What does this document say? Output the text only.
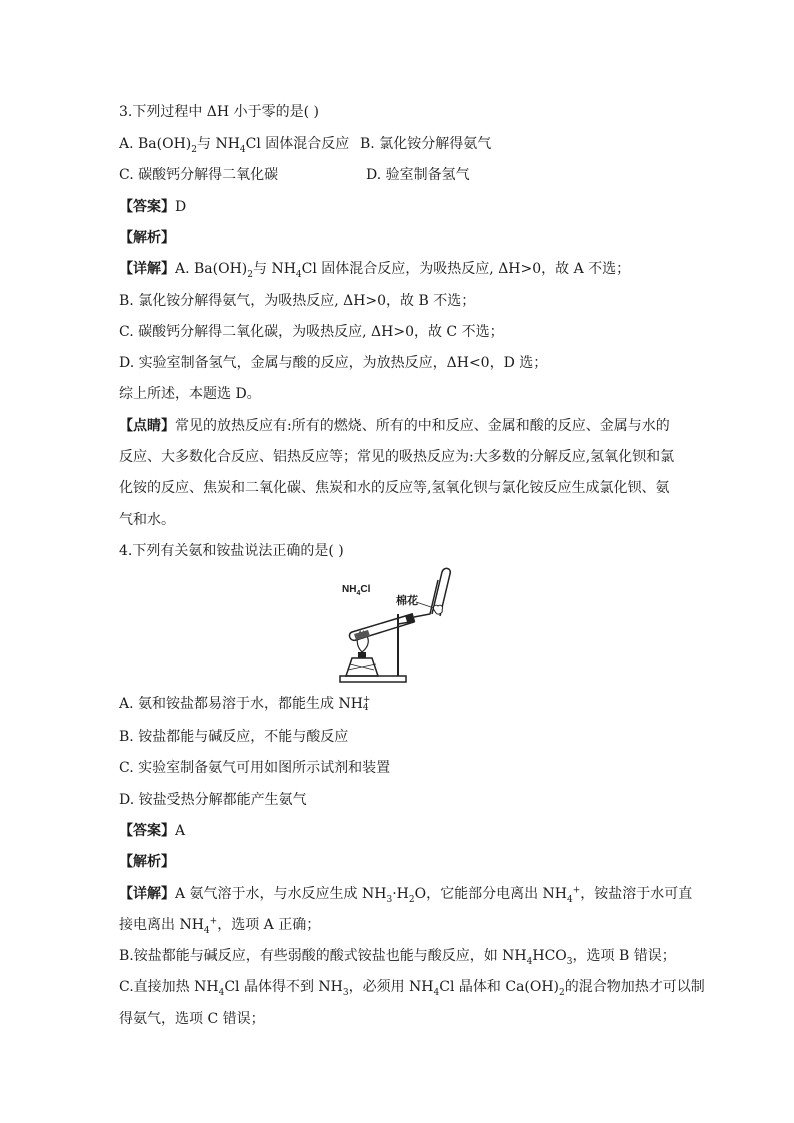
3.下列过程中 ΔH 小于零的是( )
A. $Ba(OH)_2$与 $NH_4Cl$ 固体混合反应 B. 氯化铵分解得氨气
C. 碳酸钙分解得二氧化碳	D. 验室制备氢气
【答案】D
【解析】
【详解】A. $Ba(OH)_2$与 $NH_4Cl$ 固体混合反应，为吸热反应, ΔH>0，故 A 不选；
B. 氯化铵分解得氨气，为吸热反应, ΔH>0，故 B 不选；
C. 碳酸钙分解得二氧化碳，为吸热反应, ΔH>0，故 C 不选；
D. 实验室制备氢气，金属与酸的反应，为放热反应，ΔH<0，D 选；
综上所述，本题选 D。
【点睛】常见的放热反应有:所有的燃烧、所有的中和反应、金属和酸的反应、金属与水的
反应、大多数化合反应、铝热反应等；常见的吸热反应为:大多数的分解反应,氢氧化钡和氯
化铵的反应、焦炭和二氧化碳、焦炭和水的反应等,氢氧化钡与氯化铵反应生成氯化钡、氨
气和水。
4.下列有关氨和铵盐说法正确的是( )
$NH_4Cl$
棉花
A. 氨和铵盐都易溶于水，都能生成 NH +
4
B. 铵盐都能与碱反应，不能与酸反应
C. 实验室制备氨气可用如图所示试剂和装置
D. 铵盐受热分解都能产生氨气
【答案】A
【解析】
【详解】A 氨气溶于水，与水反应生成 $NH_3\cdot H_2O$，它能部分电离出 $NH_4^+$，铵盐溶于水可直
接电离出 $NH_4^+$，选项 A 正确；
B.铵盐都能与碱反应，有些弱酸的酸式铵盐也能与酸反应，如 $NH_4HCO_3$，选项 B 错误；
C.直接加热 $NH_4Cl$ 晶体得不到 $NH_3$，必须用 $NH_4Cl$ 晶体和 $Ca(OH)_2$的混合物加热才可以制
得氨气，选项 C 错误；
